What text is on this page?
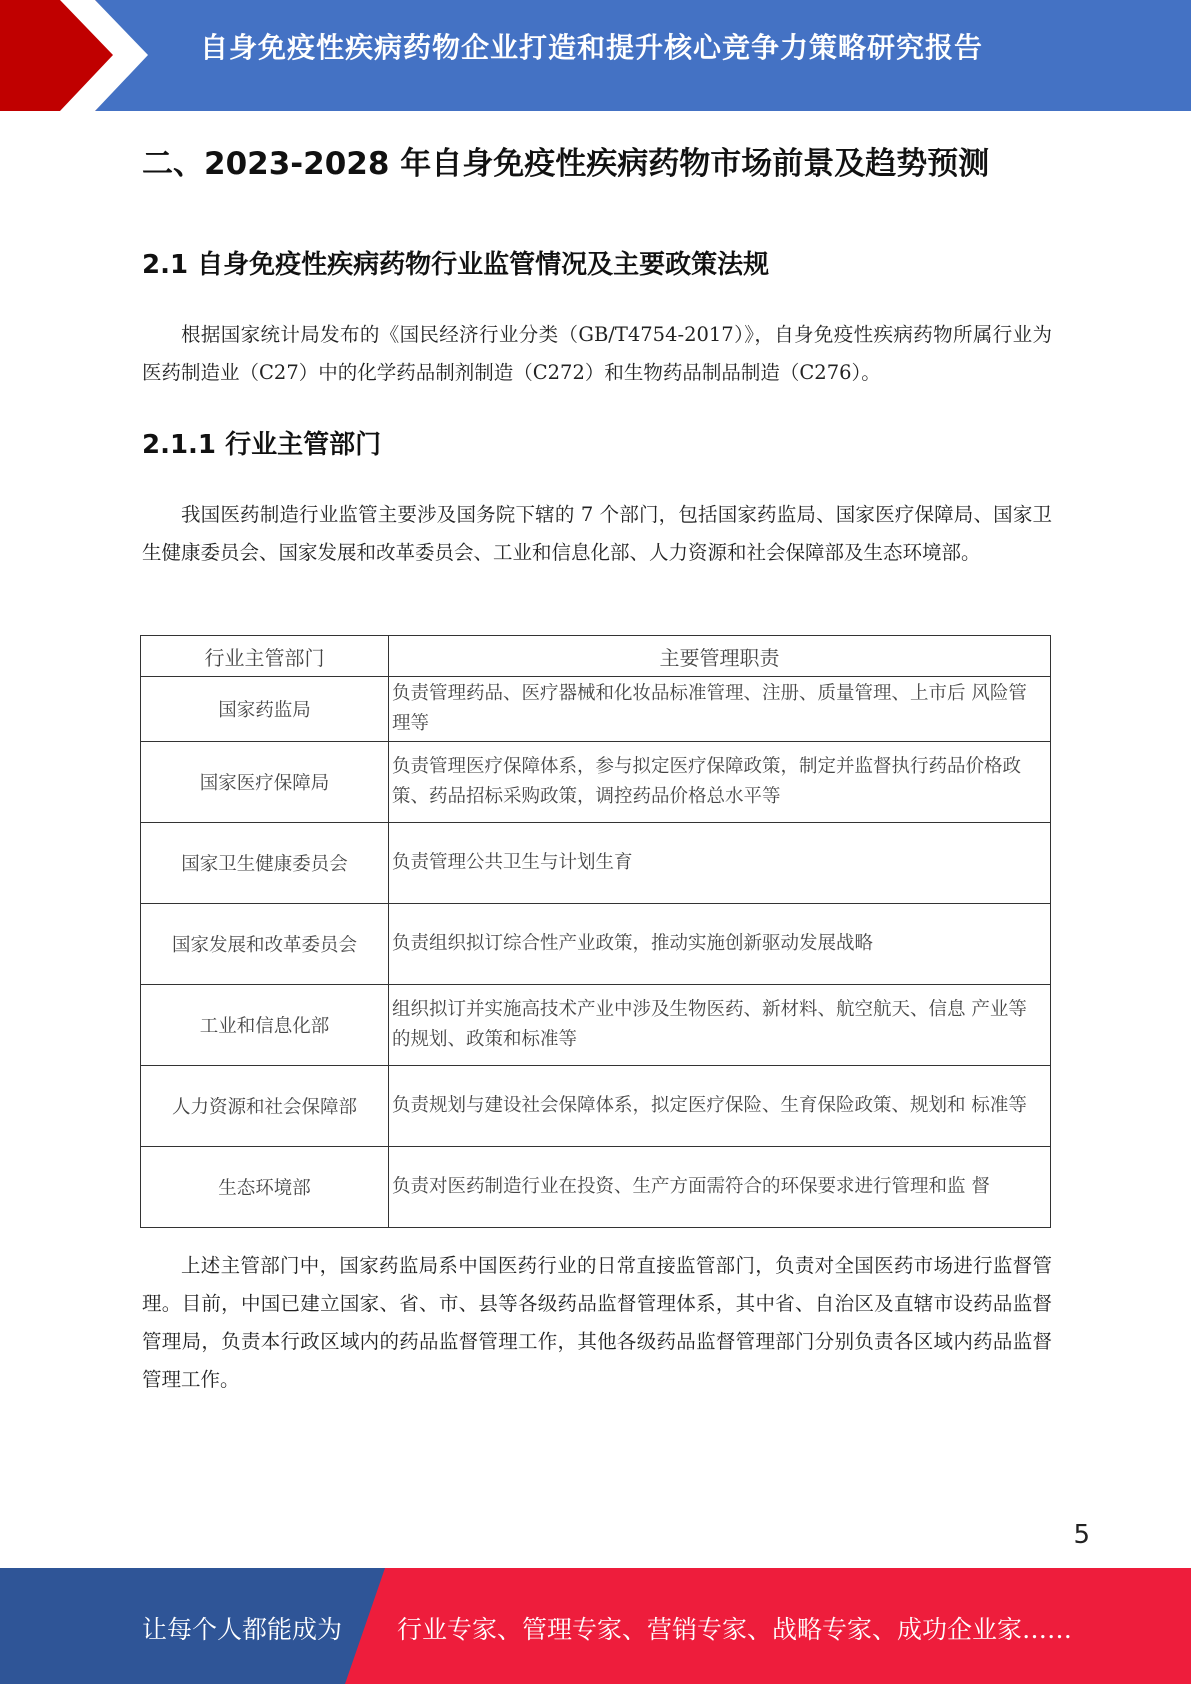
自身免疫性疾病药物企业打造和提升核心竞争力策略研究报告
二、2023-2028 年自身免疫性疾病药物市场前景及趋势预测
2.1 自身免疫性疾病药物行业监管情况及主要政策法规

根据国家统计局发布的《国民经济行业分类（GB/T4754-2017）》，自身免疫性疾病药物所属行业为医药制造业（C27）中的化学药品制剂制造（C272）和生物药品制品制造（C276）。

2.1.1 行业主管部门

我国医药制造行业监管主要涉及国务院下辖的 7 个部门，包括国家药监局、国家医疗保障局、国家卫生健康委员会、国家发展和改革委员会、工业和信息化部、人力资源和社会保障部及生态环境部。

行业主管部门	主要管理职责
国家药监局	负责管理药品、医疗器械和化妆品标准管理、注册、质量管理、上市后 风险管理等
国家医疗保障局	负责管理医疗保障体系，参与拟定医疗保障政策，制定并监督执行药品价格政策、药品招标采购政策，调控药品价格总水平等
国家卫生健康委员会	负责管理公共卫生与计划生育
国家发展和改革委员会	负责组织拟订综合性产业政策，推动实施创新驱动发展战略
工业和信息化部	组织拟订并实施高技术产业中涉及生物医药、新材料、航空航天、信息 产业等的规划、政策和标准等
人力资源和社会保障部	负责规划与建设社会保障体系，拟定医疗保险、生育保险政策、规划和 标准等
生态环境部	负责对医药制造行业在投资、生产方面需符合的环保要求进行管理和监 督

上述主管部门中，国家药监局系中国医药行业的日常直接监管部门，负责对全国医药市场进行监督管理。目前，中国已建立国家、省、市、县等各级药品监督管理体系，其中省、自治区及直辖市设药品监督管理局，负责本行政区域内的药品监督管理工作，其他各级药品监督管理部门分别负责各区域内药品监督管理工作。

5
让每个人都能成为 行业专家、管理专家、营销专家、战略专家、成功企业家……
